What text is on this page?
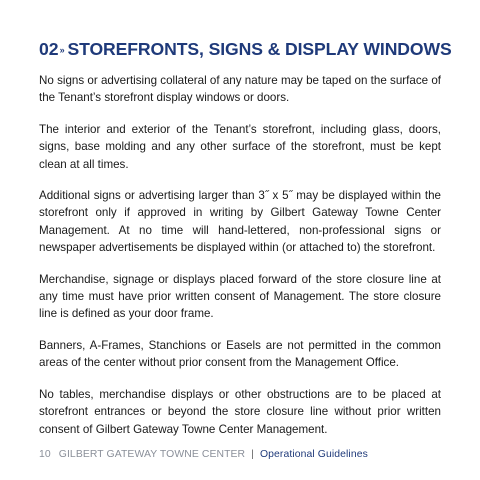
02» STOREFRONTS, SIGNS & DISPLAY WINDOWS

No signs or advertising collateral of any nature may be taped on the surface of the Tenant’s storefront display windows or doors.

The interior and exterior of the Tenant’s storefront, including glass, doors, signs, base molding and any other surface of the storefront, must be kept clean at all times.

Additional signs or advertising larger than 3˝ x 5˝ may be displayed within the storefront only if approved in writing by Gilbert Gateway Towne Center Management. At no time will hand-lettered, non-professional signs or newspaper advertisements be displayed within (or attached to) the storefront.

Merchandise, signage or displays placed forward of the store closure line at any time must have prior written consent of Management. The store closure line is defined as your door frame.

Banners, A-Frames, Stanchions or Easels are not permitted in the common areas of the center without prior consent from the Management Office.

No tables, merchandise displays or other obstructions are to be placed at storefront entrances or beyond the store closure line without prior written consent of Gilbert Gateway Towne Center Management.

10 GILBERT GATEWAY TOWNE CENTER | Operational Guidelines
